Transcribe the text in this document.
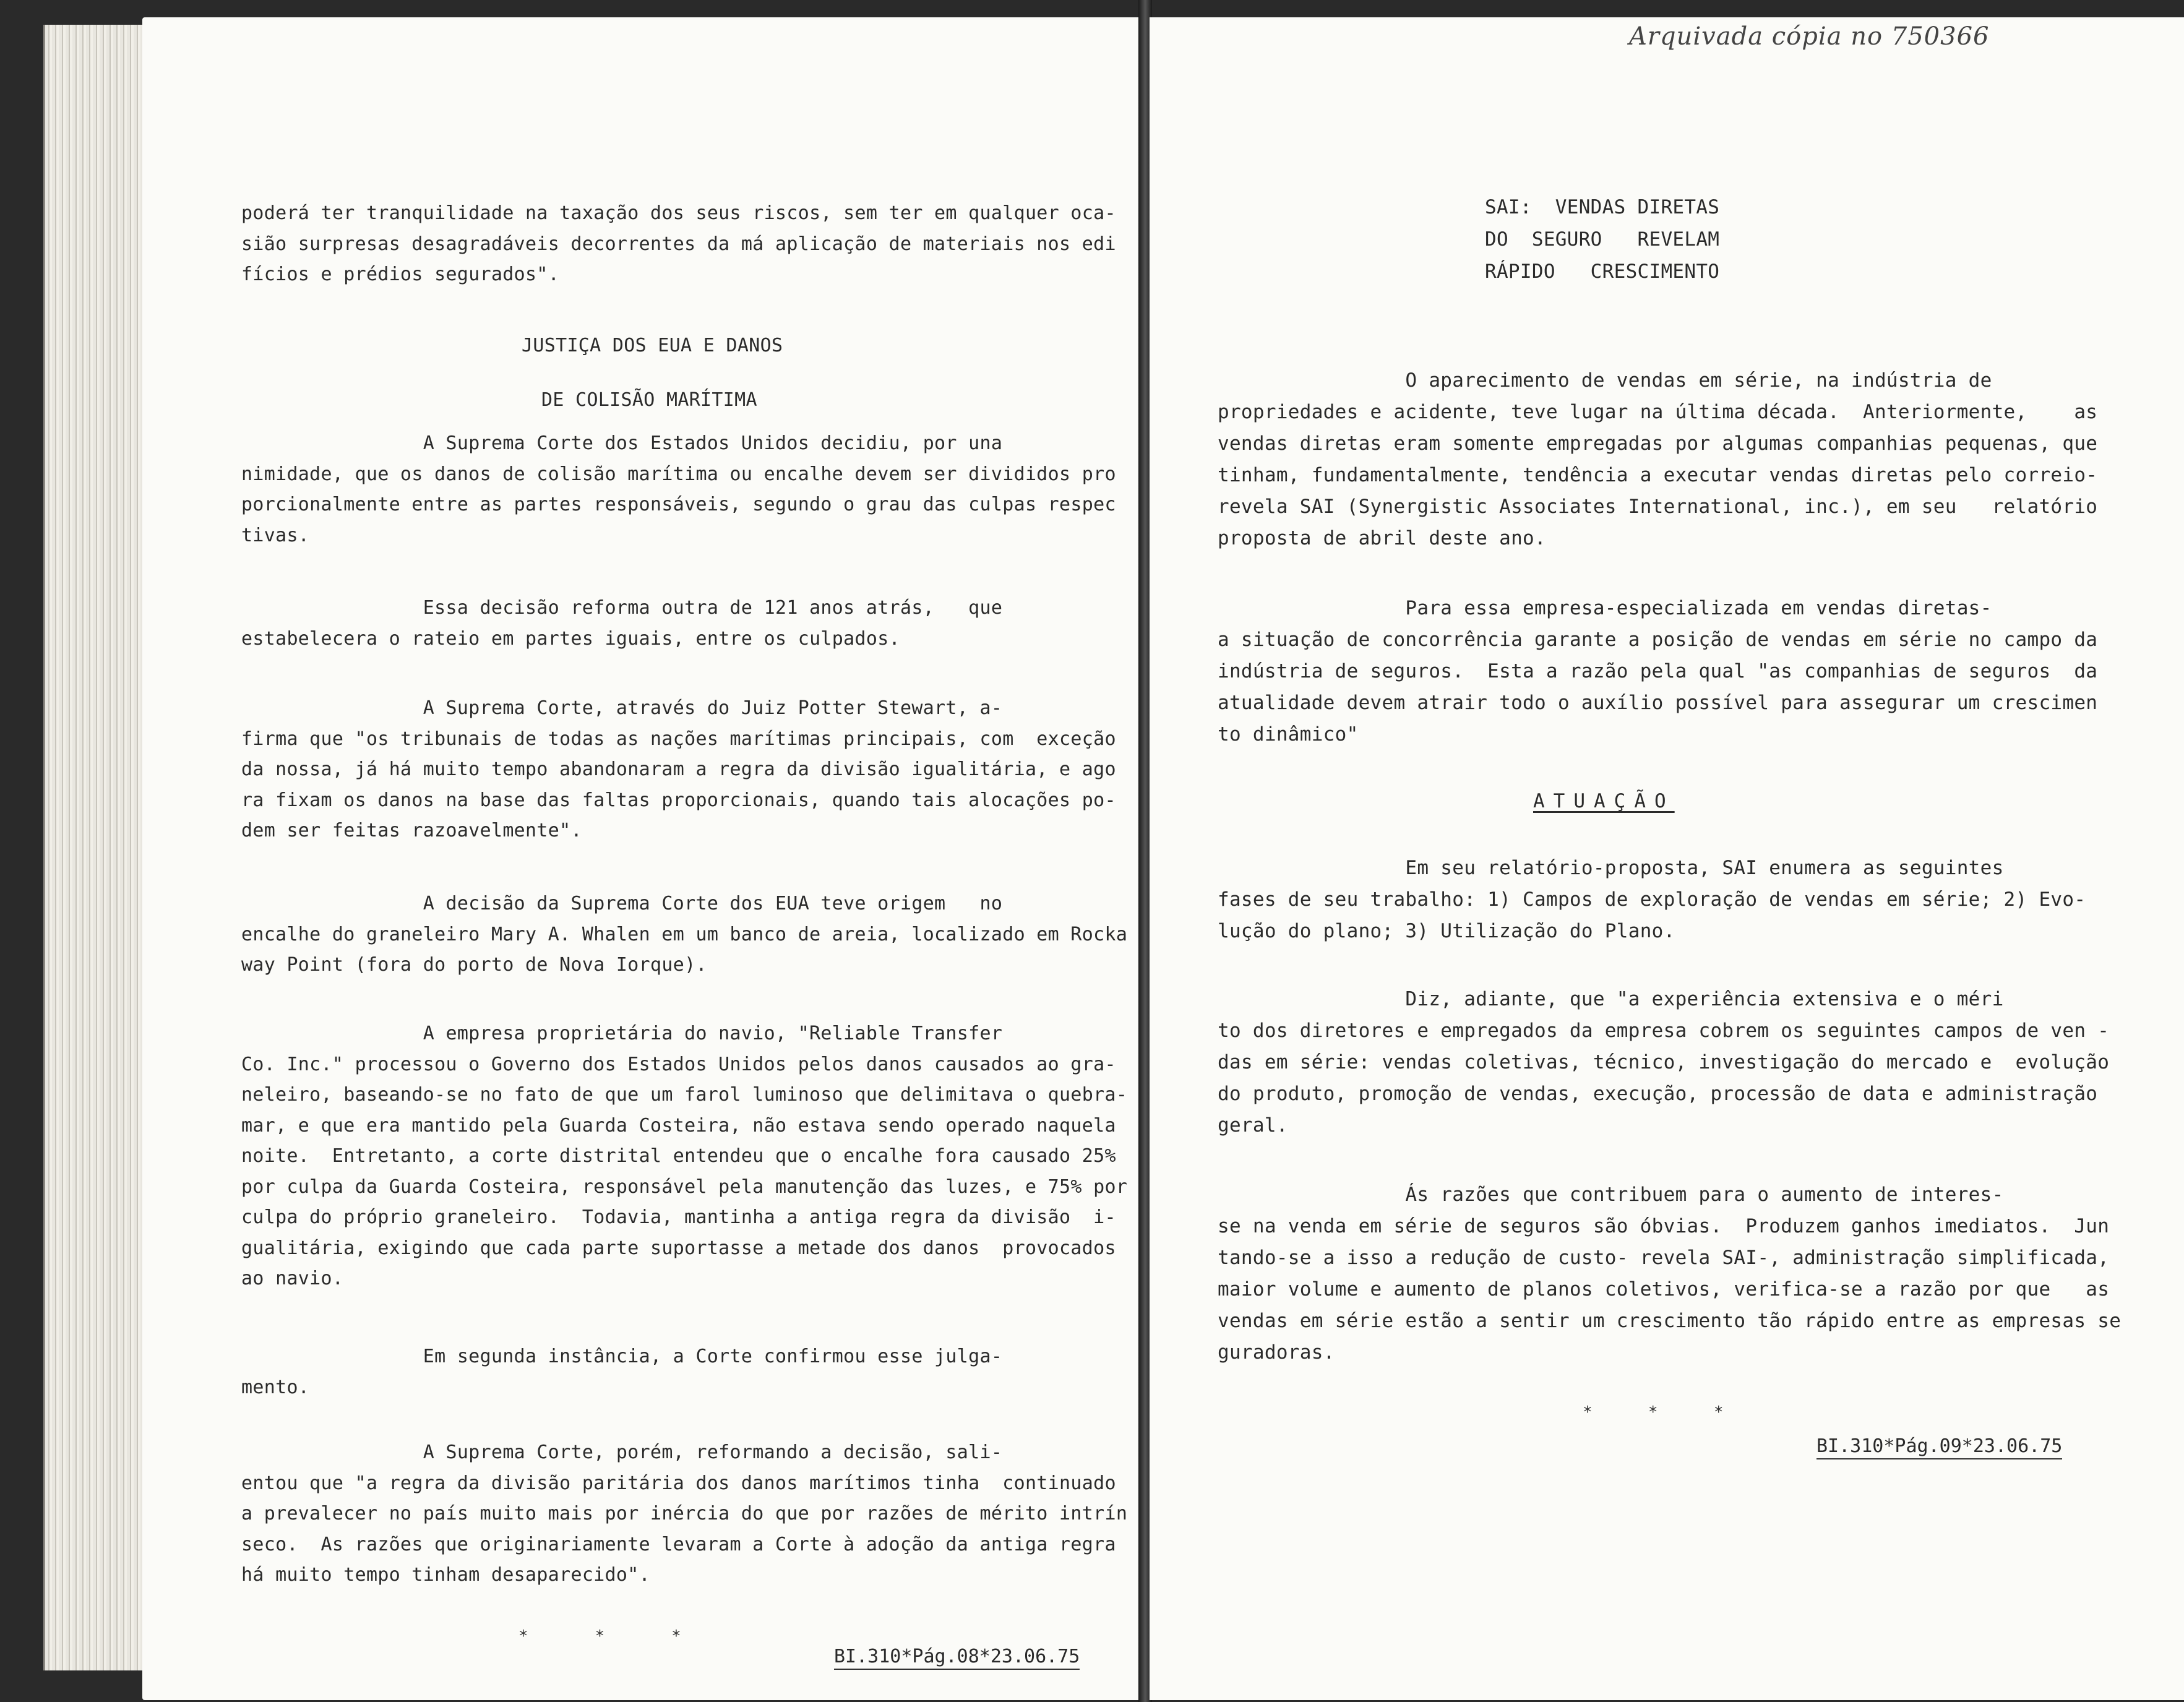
poderá ter tranquilidade na taxação dos seus riscos, sem ter em qualquer oca-
sião surpresas desagradáveis decorrentes da má aplicação de materiais nos edi
fícios e prédios segurados".
JUSTIÇA DOS EUA E DANOS
DE COLISÃO MARÍTIMA
A Suprema Corte dos Estados Unidos decidiu, por una
nimidade, que os danos de colisão marítima ou encalhe devem ser divididos pro
porcionalmente entre as partes responsáveis, segundo o grau das culpas respec
tivas.
Essa decisão reforma outra de 121 anos atrás,   que
estabelecera o rateio em partes iguais, entre os culpados.
A Suprema Corte, através do Juiz Potter Stewart, a-
firma que "os tribunais de todas as nações marítimas principais, com  exceção
da nossa, já há muito tempo abandonaram a regra da divisão igualitária, e ago
ra fixam os danos na base das faltas proporcionais, quando tais alocações po-
dem ser feitas razoavelmente".
A decisão da Suprema Corte dos EUA teve origem   no
encalhe do graneleiro Mary A. Whalen em um banco de areia, localizado em Rocka
way Point (fora do porto de Nova Iorque).
A empresa proprietária do navio, "Reliable Transfer
Co. Inc." processou o Governo dos Estados Unidos pelos danos causados ao gra-
neleiro, baseando-se no fato de que um farol luminoso que delimitava o quebra-
mar, e que era mantido pela Guarda Costeira, não estava sendo operado naquela
noite.  Entretanto, a corte distrital entendeu que o encalhe fora causado 25%
por culpa da Guarda Costeira, responsável pela manutenção das luzes, e 75% por
culpa do próprio graneleiro.  Todavia, mantinha a antiga regra da divisão  i-
gualitária, exigindo que cada parte suportasse a metade dos danos  provocados
ao navio.
Em segunda instância, a Corte confirmou esse julga-
mento.
A Suprema Corte, porém, reformando a decisão, sali-
entou que "a regra da divisão paritária dos danos marítimos tinha  continuado
a prevalecer no país muito mais por inércia do que por razões de mérito intrín
seco.  As razões que originariamente levaram a Corte à adoção da antiga regra
há muito tempo tinham desaparecido".
*      *      *
BI.310*Pág.08*23.06.75
Arquivada cópia no 750366
SAI:  VENDAS DIRETAS
DO  SEGURO   REVELAM
RÁPIDO   CRESCIMENTO
O aparecimento de vendas em série, na indústria de
propriedades e acidente, teve lugar na última década.  Anteriormente,    as
vendas diretas eram somente empregadas por algumas companhias pequenas, que
tinham, fundamentalmente, tendência a executar vendas diretas pelo correio-
revela SAI (Synergistic Associates International, inc.), em seu   relatório
proposta de abril deste ano.
Para essa empresa-especializada em vendas diretas-
a situação de concorrência garante a posição de vendas em série no campo da
indústria de seguros.  Esta a razão pela qual "as companhias de seguros  da
atualidade devem atrair todo o auxílio possível para assegurar um crescimen
to dinâmico"
ATUAÇÃO
Em seu relatório-proposta, SAI enumera as seguintes
fases de seu trabalho: 1) Campos de exploração de vendas em série; 2) Evo-
lução do plano; 3) Utilização do Plano.
Diz, adiante, que "a experiência extensiva e o méri
to dos diretores e empregados da empresa cobrem os seguintes campos de ven -
das em série: vendas coletivas, técnico, investigação do mercado e  evolução
do produto, promoção de vendas, execução, processão de data e administração
geral.
Ás razões que contribuem para o aumento de interes-
se na venda em série de seguros são óbvias.  Produzem ganhos imediatos.  Jun
tando-se a isso a redução de custo- revela SAI-, administração simplificada,
maior volume e aumento de planos coletivos, verifica-se a razão por que   as
vendas em série estão a sentir um crescimento tão rápido entre as empresas se
guradoras.
*     *     *
BI.310*Pág.09*23.06.75
